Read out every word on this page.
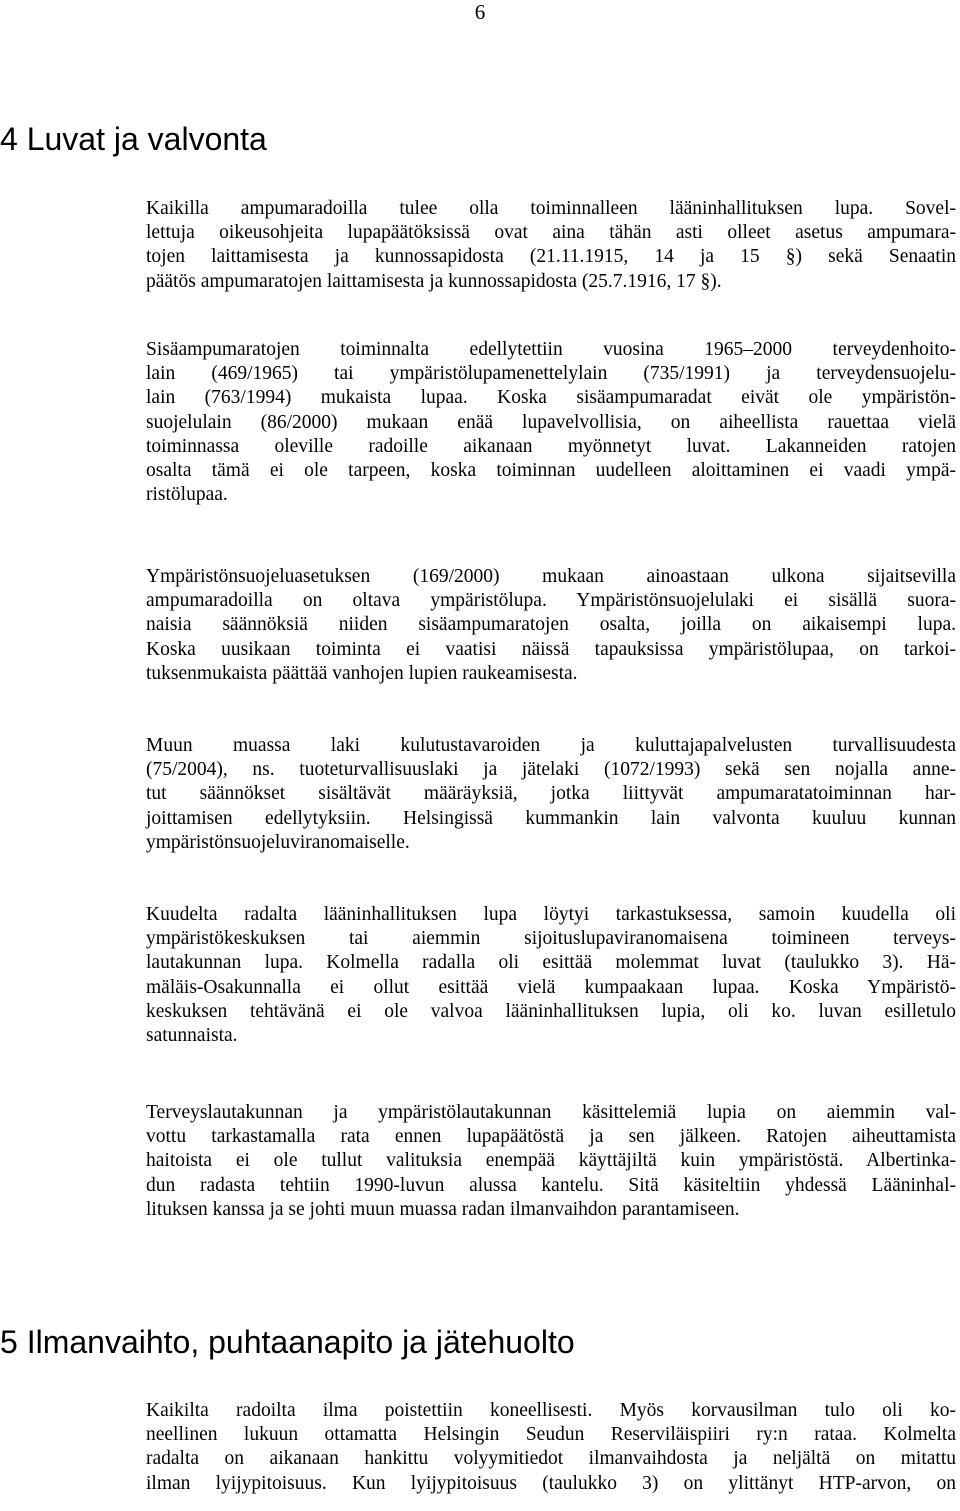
6
4 Luvat ja valvonta
Kaikilla ampumaradoilla tulee olla toiminnalleen lääninhallituksen lupa. Sovel-
lettuja oikeusohjeita lupapäätöksissä ovat aina tähän asti olleet asetus ampumara-
tojen laittamisesta ja kunnossapidosta (21.11.1915, 14 ja 15 §) sekä Senaatin
päätös ampumaratojen laittamisesta ja kunnossapidosta (25.7.1916, 17 §).
Sisäampumaratojen toiminnalta edellytettiin vuosina 1965–2000 terveydenhoito-
lain (469/1965) tai ympäristölupamenettelylain (735/1991) ja terveydensuojelu-
lain (763/1994) mukaista lupaa. Koska sisäampumaradat eivät ole ympäristön-
suojelulain (86/2000) mukaan enää lupavelvollisia, on aiheellista rauettaa vielä
toiminnassa oleville radoille aikanaan myönnetyt luvat. Lakanneiden ratojen
osalta tämä ei ole tarpeen, koska toiminnan uudelleen aloittaminen ei vaadi ympä-
ristölupaa.
Ympäristönsuojeluasetuksen (169/2000) mukaan ainoastaan ulkona sijaitsevilla
ampumaradoilla on oltava ympäristölupa. Ympäristönsuojelulaki ei sisällä suora-
naisia säännöksiä niiden sisäampumaratojen osalta, joilla on aikaisempi lupa.
Koska uusikaan toiminta ei vaatisi näissä tapauksissa ympäristölupaa, on tarkoi-
tuksenmukaista päättää vanhojen lupien raukeamisesta.
Muun muassa laki kulutustavaroiden ja kuluttajapalvelusten turvallisuudesta
(75/2004), ns. tuoteturvallisuuslaki ja jätelaki (1072/1993) sekä sen nojalla anne-
tut säännökset sisältävät määräyksiä, jotka liittyvät ampumaratatoiminnan har-
joittamisen edellytyksiin. Helsingissä kummankin lain valvonta kuuluu kunnan
ympäristönsuojeluviranomaiselle.
Kuudelta radalta lääninhallituksen lupa löytyi tarkastuksessa, samoin kuudella oli
ympäristökeskuksen tai aiemmin sijoituslupaviranomaisena toimineen terveys-
lautakunnan lupa. Kolmella radalla oli esittää molemmat luvat (taulukko 3). Hä-
mäläis-Osakunnalla ei ollut esittää vielä kumpaakaan lupaa. Koska Ympäristö-
keskuksen tehtävänä ei ole valvoa lääninhallituksen lupia, oli ko. luvan esilletulo
satunnaista.
Terveyslautakunnan ja ympäristölautakunnan käsittelemiä lupia on aiemmin val-
vottu tarkastamalla rata ennen lupapäätöstä ja sen jälkeen. Ratojen aiheuttamista
haitoista ei ole tullut valituksia enempää käyttäjiltä kuin ympäristöstä. Albertinka-
dun radasta tehtiin 1990-luvun alussa kantelu. Sitä käsiteltiin yhdessä Lääninhal-
lituksen kanssa ja se johti muun muassa radan ilmanvaihdon parantamiseen.
5 Ilmanvaihto, puhtaanapito ja jätehuolto
Kaikilta radoilta ilma poistettiin koneellisesti. Myös korvausilman tulo oli ko-
neellinen lukuun ottamatta Helsingin Seudun Reserviläispiiri ry:n rataa. Kolmelta
radalta on aikanaan hankittu volyymitiedot ilmanvaihdosta ja neljältä on mitattu
ilman lyijypitoisuus. Kun lyijypitoisuus (taulukko 3) on ylittänyt HTP-arvon, on
